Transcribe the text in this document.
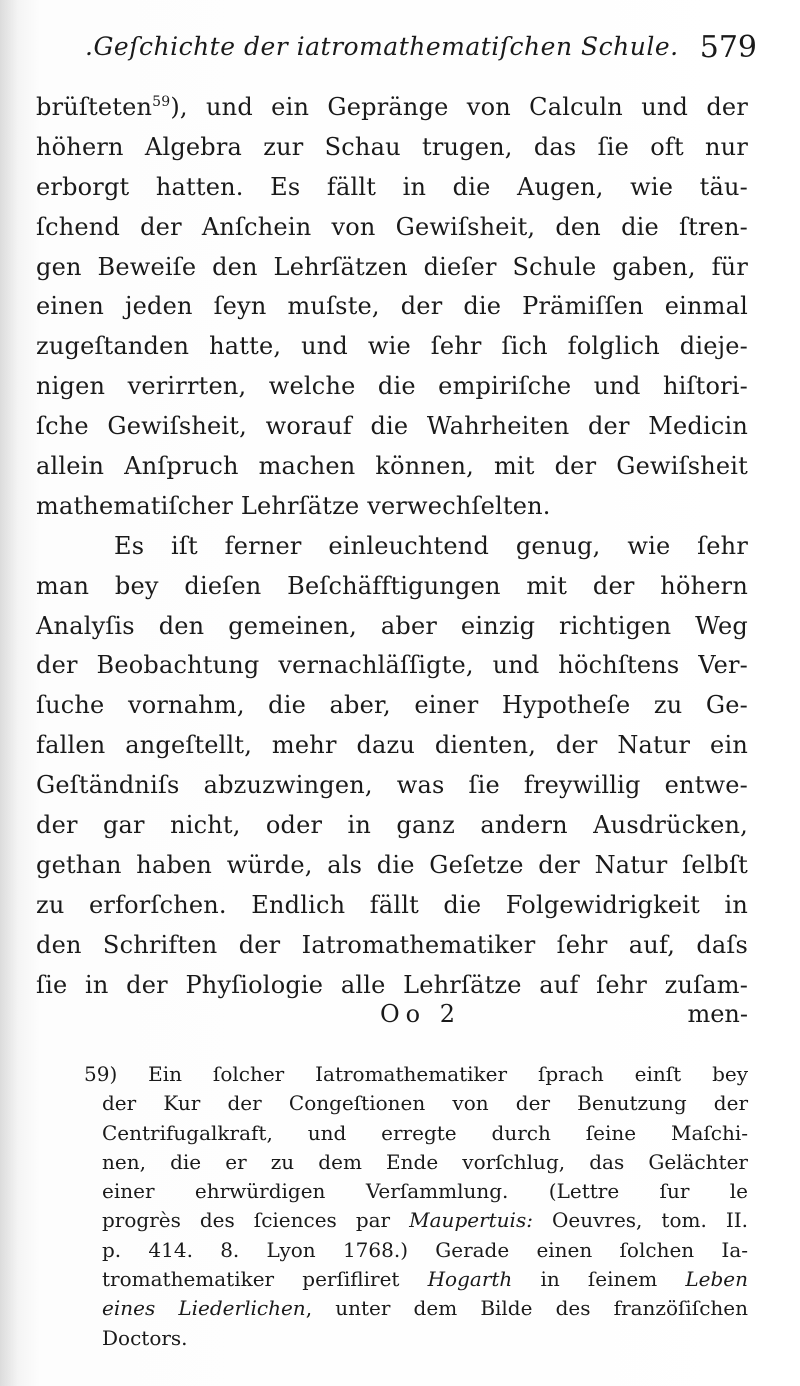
.Geſchichte der iatromathematiſchen Schule. 579
brüſteten$^{59}$), und ein Gepränge von Calculn und der
höhern Algebra zur Schau trugen, das ſie oft nur
erborgt hatten. Es fällt in die Augen, wie täu-
ſchend der Anſchein von Gewiſsheit, den die ſtren-
gen Beweiſe den Lehrſätzen dieſer Schule gaben, für
einen jeden ſeyn muſste, der die Prämiſſen einmal
zugeſtanden hatte, und wie ſehr ſich folglich dieje-
nigen verirrten, welche die empiriſche und hiſtori-
ſche Gewiſsheit, worauf die Wahrheiten der Medicin
allein Anſpruch machen können, mit der Gewiſsheit
mathematiſcher Lehrſätze verwechſelten.
Es iſt ferner einleuchtend genug, wie ſehr
man bey dieſen Beſchäfftigungen mit der höhern
Analyſis den gemeinen, aber einzig richtigen Weg
der Beobachtung vernachläſſigte, und höchſtens Ver-
ſuche vornahm, die aber, einer Hypotheſe zu Ge-
fallen angeſtellt, mehr dazu dienten, der Natur ein
Geſtändniſs abzuzwingen, was ſie freywillig entwe-
der gar nicht, oder in ganz andern Ausdrücken,
gethan haben würde, als die Geſetze der Natur ſelbſt
zu erforſchen. Endlich fällt die Folgewidrigkeit in
den Schriften der Iatromathematiker ſehr auf, daſs
ſie in der Phyſiologie alle Lehrſätze auf ſehr zuſam-
Oo 2	men-
59) Ein ſolcher Iatromathematiker ſprach einſt bey
der Kur der Congeſtionen von der Benutzung der
Centrifugalkraft, und erregte durch ſeine Maſchi-
nen, die er zu dem Ende vorſchlug, das Gelächter
einer ehrwürdigen Verſammlung. (Lettre ſur le
progrès des ſciences par Maupertuis: Oeuvres, tom. II.
p. 414. 8. Lyon 1768.) Gerade einen ſolchen Ia-
tromathematiker perſifliret Hogarth in ſeinem Leben
eines Liederlichen, unter dem Bilde des franzöſiſchen
Doctors.
